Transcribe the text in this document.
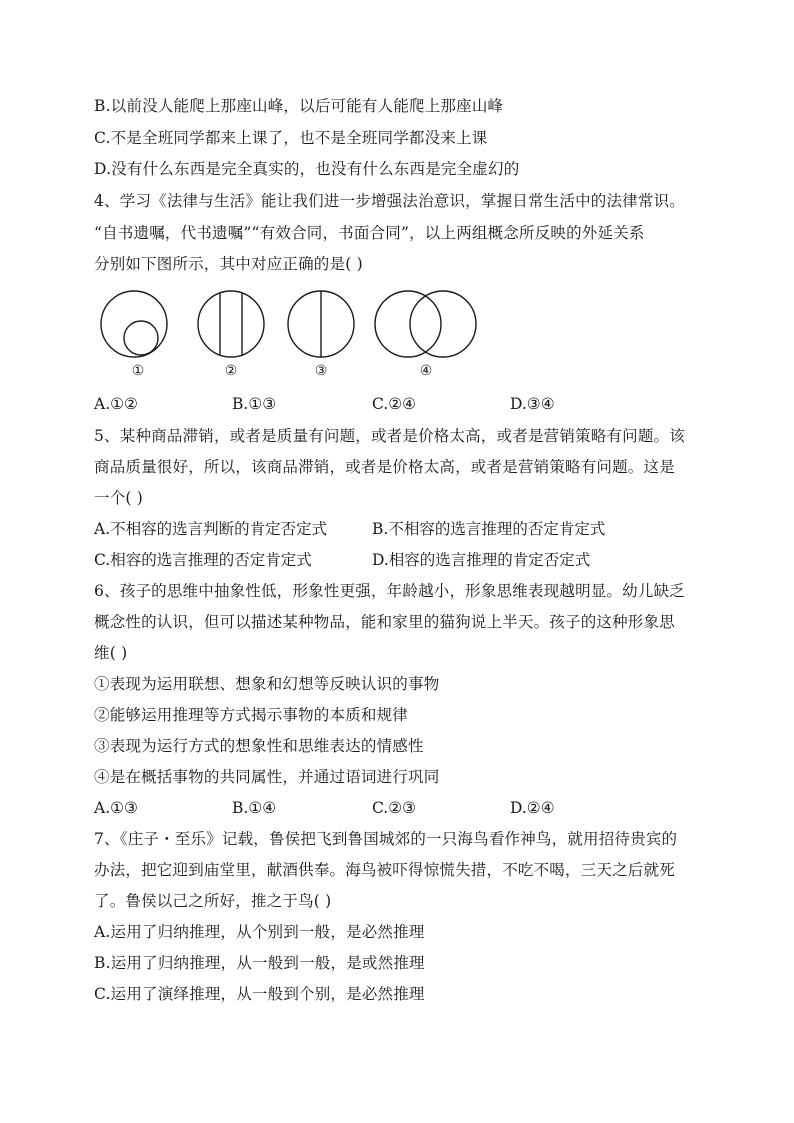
B.以前没人能爬上那座山峰，以后可能有人能爬上那座山峰
C.不是全班同学都来上课了，也不是全班同学都没来上课
D.没有什么东西是完全真实的，也没有什么东西是完全虚幻的
4、学习《法律与生活》能让我们进一步增强法治意识，掌握日常生活中的法律常识。
“自书遗嘱，代书遗嘱”“有效合同，书面合同”，以上两组概念所反映的外延关系
分别如下图所示，其中对应正确的是( )
①	②	③	④
A.①②	B.①③	C.②④	D.③④
5、某种商品滞销，或者是质量有问题，或者是价格太高，或者是营销策略有问题。该
商品质量很好，所以，该商品滞销，或者是价格太高，或者是营销策略有问题。这是
一个( )
A.不相容的选言判断的肯定否定式	B.不相容的选言推理的否定肯定式
C.相容的选言推理的否定肯定式	D.相容的选言推理的肯定否定式
6、孩子的思维中抽象性低，形象性更强，年龄越小，形象思维表现越明显。幼儿缺乏
概念性的认识，但可以描述某种物品，能和家里的猫狗说上半天。孩子的这种形象思
维( )
①表现为运用联想、想象和幻想等反映认识的事物
②能够运用推理等方式揭示事物的本质和规律
③表现为运行方式的想象性和思维表达的情感性
④是在概括事物的共同属性，并通过语词进行巩同
A.①③	B.①④	C.②③	D.②④
7、《庄子・至乐》记载，鲁侯把飞到鲁国城郊的一只海鸟看作神鸟，就用招待贵宾的
办法，把它迎到庙堂里，献酒供奉。海鸟被吓得惊慌失措，不吃不喝，三天之后就死
了。鲁侯以己之所好，推之于鸟( )
A.运用了归纳推理，从个别到一般，是必然推理
B.运用了归纳推理，从一般到一般，是或然推理
C.运用了演绎推理，从一般到个别，是必然推理
